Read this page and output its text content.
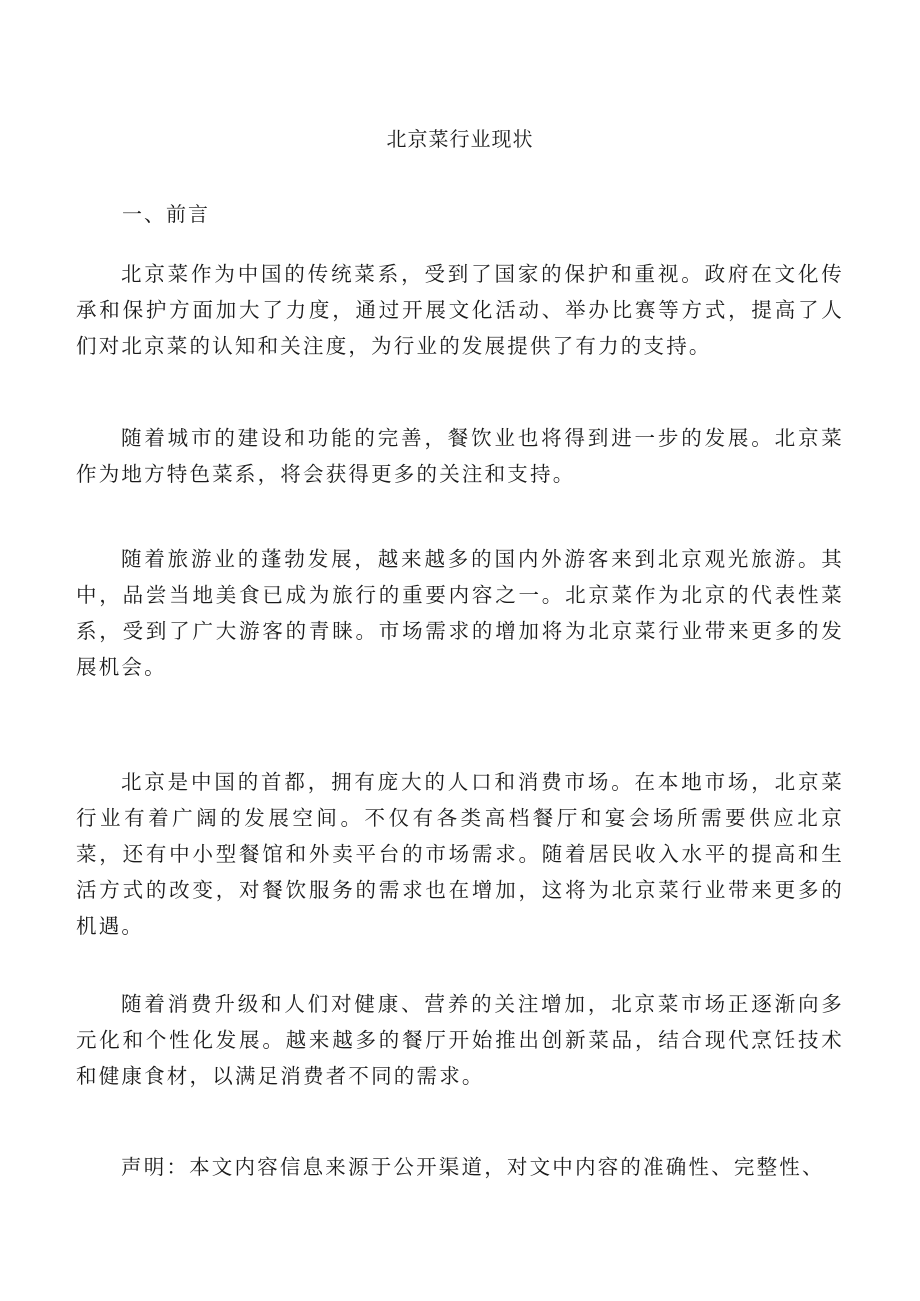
北京菜行业现状
一、前言

北京菜作为中国的传统菜系，受到了国家的保护和重视。政府在文化传承和保护方面加大了力度，通过开展文化活动、举办比赛等方式，提高了人们对北京菜的认知和关注度，为行业的发展提供了有力的支持。

随着城市的建设和功能的完善，餐饮业也将得到进一步的发展。北京菜作为地方特色菜系，将会获得更多的关注和支持。

随着旅游业的蓬勃发展，越来越多的国内外游客来到北京观光旅游。其中，品尝当地美食已成为旅行的重要内容之一。北京菜作为北京的代表性菜系，受到了广大游客的青睐。市场需求的增加将为北京菜行业带来更多的发展机会。

北京是中国的首都，拥有庞大的人口和消费市场。在本地市场，北京菜行业有着广阔的发展空间。不仅有各类高档餐厅和宴会场所需要供应北京菜，还有中小型餐馆和外卖平台的市场需求。随着居民收入水平的提高和生活方式的改变，对餐饮服务的需求也在增加，这将为北京菜行业带来更多的机遇。

随着消费升级和人们对健康、营养的关注增加，北京菜市场正逐渐向多元化和个性化发展。越来越多的餐厅开始推出创新菜品，结合现代烹饪技术和健康食材，以满足消费者不同的需求。

声明：本文内容信息来源于公开渠道，对文中内容的准确性、完整性、
